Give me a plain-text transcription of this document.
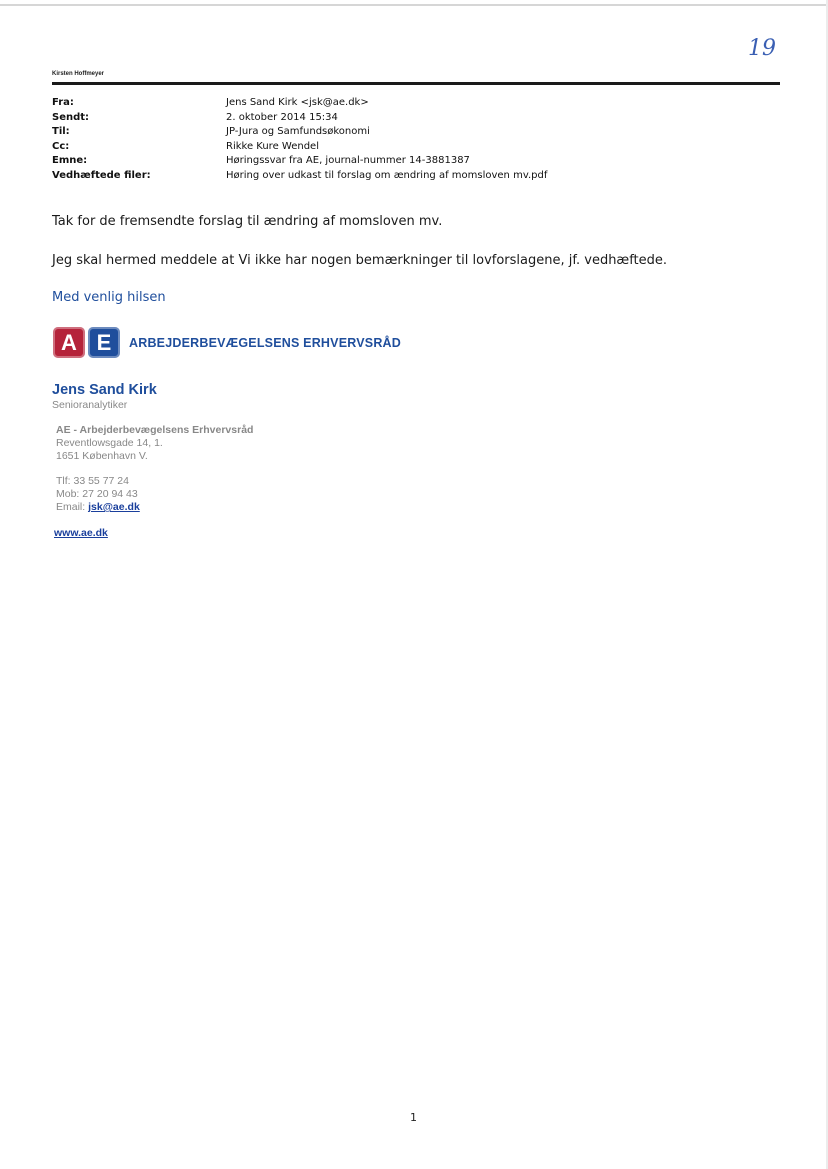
19
Kirsten Hoffmeyer
Fra:	Jens Sand Kirk <jsk@ae.dk>
Sendt:	2. oktober 2014 15:34
Til:	JP-Jura og Samfundsøkonomi
Cc:	Rikke Kure Wendel
Emne:	Høringssvar fra AE, journal-nummer 14-3881387
Vedhæftede filer:	Høring over udkast til forslag om ændring af momsloven mv.pdf
Tak for de fremsendte forslag til ændring af momsloven mv.
Jeg skal hermed meddele at Vi ikke har nogen bemærkninger til lovforslagene, jf. vedhæftede.
Med venlig hilsen
A E	ARBEJDERBEVÆGELSENS ERHVERVSRÅD
Jens Sand Kirk
Senioranalytiker
AE - Arbejderbevægelsens Erhvervsråd
Reventlowsgade 14, 1.
1651 København V.
Tlf: 33 55 77 24
Mob: 27 20 94 43
Email: jsk@ae.dk
www.ae.dk
1
